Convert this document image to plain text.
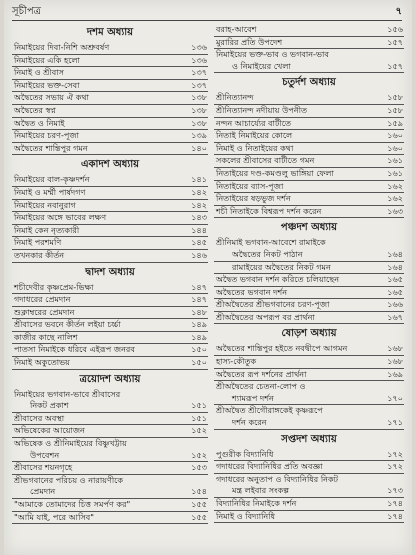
সূচীপত্র	৭
দশম অধ্যায়
নিমাইয়ের দিবা-নিশি অশ্রুবর্ষণ	১৩৬
নিমাইয়ের একি হলো	১৩৬
নিমাই ও শ্রীবাস	১৩৭
নিমাইয়ের ভক্ত-সেবা	১৩৭
অদ্বৈতের সভায় ঐ কথা	১৩৮
অদ্বৈতের স্বপ্ন	১৩৮
অদ্বৈত ও নিমাই	১৩৮
নিমাইয়ের চরণ-পূজা	১৩৯
অদ্বৈতের শান্তিপুর গমন	১৪০
একাদশ অধ্যায়
নিমাইয়ের বাল-কৃষ্ণদর্শন	১৪১
নিমাই ও মর্ম্মী পার্ষদগণ	১৪২
নিমাইয়ের নবানুরাগ	১৪২
নিমাইয়ের অঙ্গে ভাবের লক্ষণ	১৪৩
নিমাই কেন নৃত্যকারী	১৪৪
নিমাই পরশমণি	১৪৫
তখনকার কীর্তন	১৪৬
দ্বাদশ অধ্যায়
শচীদেবীর কৃষ্ণপ্রেম-ভিক্ষা	১৪৭
গদাধরের প্রেমদান	১৪৭
শুক্লাম্বরের প্রেমদান	১৪৮
শ্রীবাসের ভবনে কীর্তন লইয়া চর্চ্চা	১৪৯
কাজীর কাছে নালিশ	১৪৯
পাতসা নিমাইকে ধরিবে এইরূপ জনরব	১৫০
নিমাই অকুতোভয়	১৫০
ত্রয়োদশ অধ্যায়
নিমাইয়ের ভগবান-ভাবে শ্রীবাসের
নিকট প্রকাশ	১৫১
শ্রীবাসের অবস্থা	১৫১
অভিষেকের আয়োজন	১৫২
অভিষেক ও শ্রীনিমাইয়ের বিষ্ণুখট্টায়
উপবেশন	১৫২
শ্রীবাসের শয়নগৃহে	১৫৩
শ্রীভগবানের পরিচয় ও নারায়ণীকে
প্রেমদান	১৫৪
"আমাকে তোমাদের চিত্ত সমর্পণ কর"	১৫৫
"আমি যাই, পরে আসিব"	১৫৫
বরাহ-আবেশ	১৫৬
মুরারির প্রতি উপদেশ	১৫৭
নিমাইয়ের ভক্ত-ভাব ও ভগবান-ভাব
ও নিমাইয়ের খেলা	১৫৭
চতুর্দশ অধ্যায়
শ্রীনিত্যানন্দ	১৫৮
শ্রীনিত্যানন্দ নদীয়ায় উপনীত	১৫৮
নন্দন আচার্য্যের বাটীতে	১৫৯
নিতাই নিমাইয়ের কোলে	১৬০
নিমাই ও নিতাইয়ের কথা	১৬০
সকলের শ্রীবাসের বাটীতে গমন	১৬১
নিতাইয়ের দণ্ড-কমণ্ডলু ভাঙ্গিয়া ফেলা	১৬১
নিতাইয়ের ব্যাস-পূজা	১৬২
নিতাইয়ের ষড়ভুজ দর্শন	১৬২
শচী নিতাইকে বিশ্বরূপ দর্শন করেন	১৬৩
পঞ্চদশ অধ্যায়
শ্রীনিমাই ভগবান-আবেশে রামাইকে
অদ্বৈতের নিকট পাঠান	১৬৪
রামাইয়ের অদ্বৈতের নিকট গমন	১৬৪
অদ্বৈত ভগবান দর্শন করিতে চলিয়াছেন	১৬৫
অদ্বৈতের ভগবান দর্শন	১৬৫
শ্রীঅদ্বৈতের শ্রীভগবানের চরণ-পূজা	১৬৬
শ্রীঅদ্বৈতের অপরূপ বর প্রার্থনা	১৬৭
ষোড়শ অধ্যায়
অদ্বৈতের শান্তিপুর হইতে নবদ্বীপে আগমন	১৬৮
হাস্য-কৌতুক	১৬৮
অদ্বৈতের রূপ দর্শনের প্রার্থনা	১৬৯
শ্রীঅদ্বৈতের চেতনা-লোপ ও
শ্যামরূপ দর্শন	১৭০
শ্রীঅদ্বৈত শ্রীগৌরাঙ্গকেই কৃষ্ণরূপে
দর্শন করেন	১৭১
সপ্তদশ অধ্যায়
পুগুরীক বিদ্যানিধি	১৭২
গদাধরের বিদ্যানিধির প্রতি অবজ্ঞা	১৭২
গদাধরের অনুতাপ ও বিদ্যানিধির নিকট
মন্ত্র লইবার সংকল্প	১৭৩
বিদ্যানিধির নিমাইকে দর্শন	১৭৪
নিমাই ও বিদ্যানিধি	১৭৪
